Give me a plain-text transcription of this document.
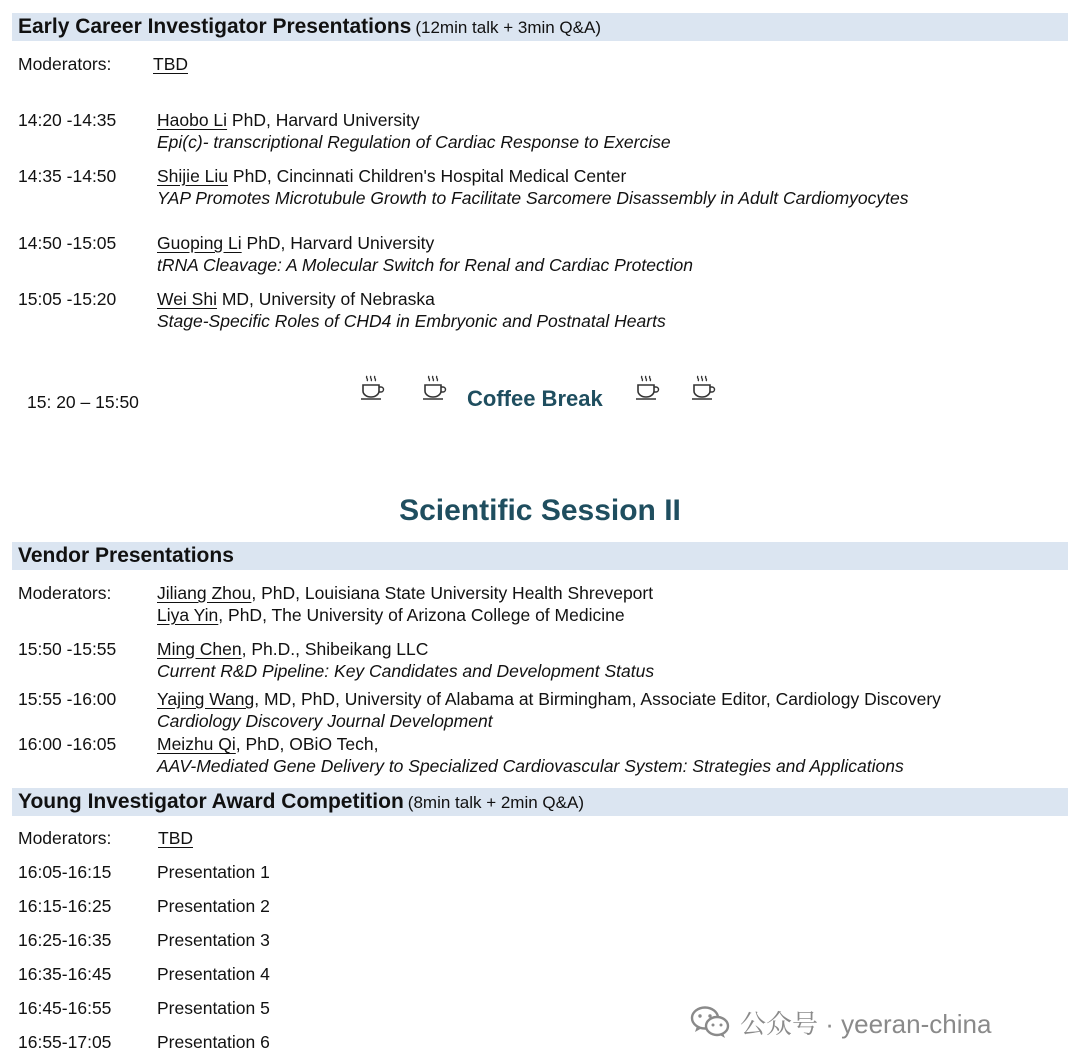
Early Career Investigator Presentations (12min talk + 3min Q&A)
Moderators: TBD
14:20 -14:35 Haobo Li PhD, Harvard University
Epi(c)- transcriptional Regulation of Cardiac Response to Exercise
14:35 -14:50 Shijie Liu PhD, Cincinnati Children's Hospital Medical Center
YAP Promotes Microtubule Growth to Facilitate Sarcomere Disassembly in Adult Cardiomyocytes
14:50 -15:05 Guoping Li PhD, Harvard University
tRNA Cleavage: A Molecular Switch for Renal and Cardiac Protection
15:05 -15:20 Wei Shi MD, University of Nebraska
Stage-Specific Roles of CHD4 in Embryonic and Postnatal Hearts
15: 20 – 15:50	Coffee Break
Scientific Session II
Vendor Presentations
Moderators:	Jiliang Zhou, PhD, Louisiana State University Health Shreveport
Liya Yin, PhD, The University of Arizona College of Medicine
15:50 -15:55 Ming Chen, Ph.D., Shibeikang LLC
Current R&D Pipeline: Key Candidates and Development Status
15:55 -16:00 Yajing Wang, MD, PhD, University of Alabama at Birmingham, Associate Editor, Cardiology Discovery
Cardiology Discovery Journal Development
16:00 -16:05 Meizhu Qi, PhD, OBiO Tech,
AAV-Mediated Gene Delivery to Specialized Cardiovascular System: Strategies and Applications
Young Investigator Award Competition (8min talk + 2min Q&A)
Moderators:	TBD
16:05-16:15	Presentation 1
16:15-16:25	Presentation 2
16:25-16:35	Presentation 3
16:35-16:45	Presentation 4
16:45-16:55	Presentation 5
16:55-17:05	Presentation 6
公众号 · yeeran-china
